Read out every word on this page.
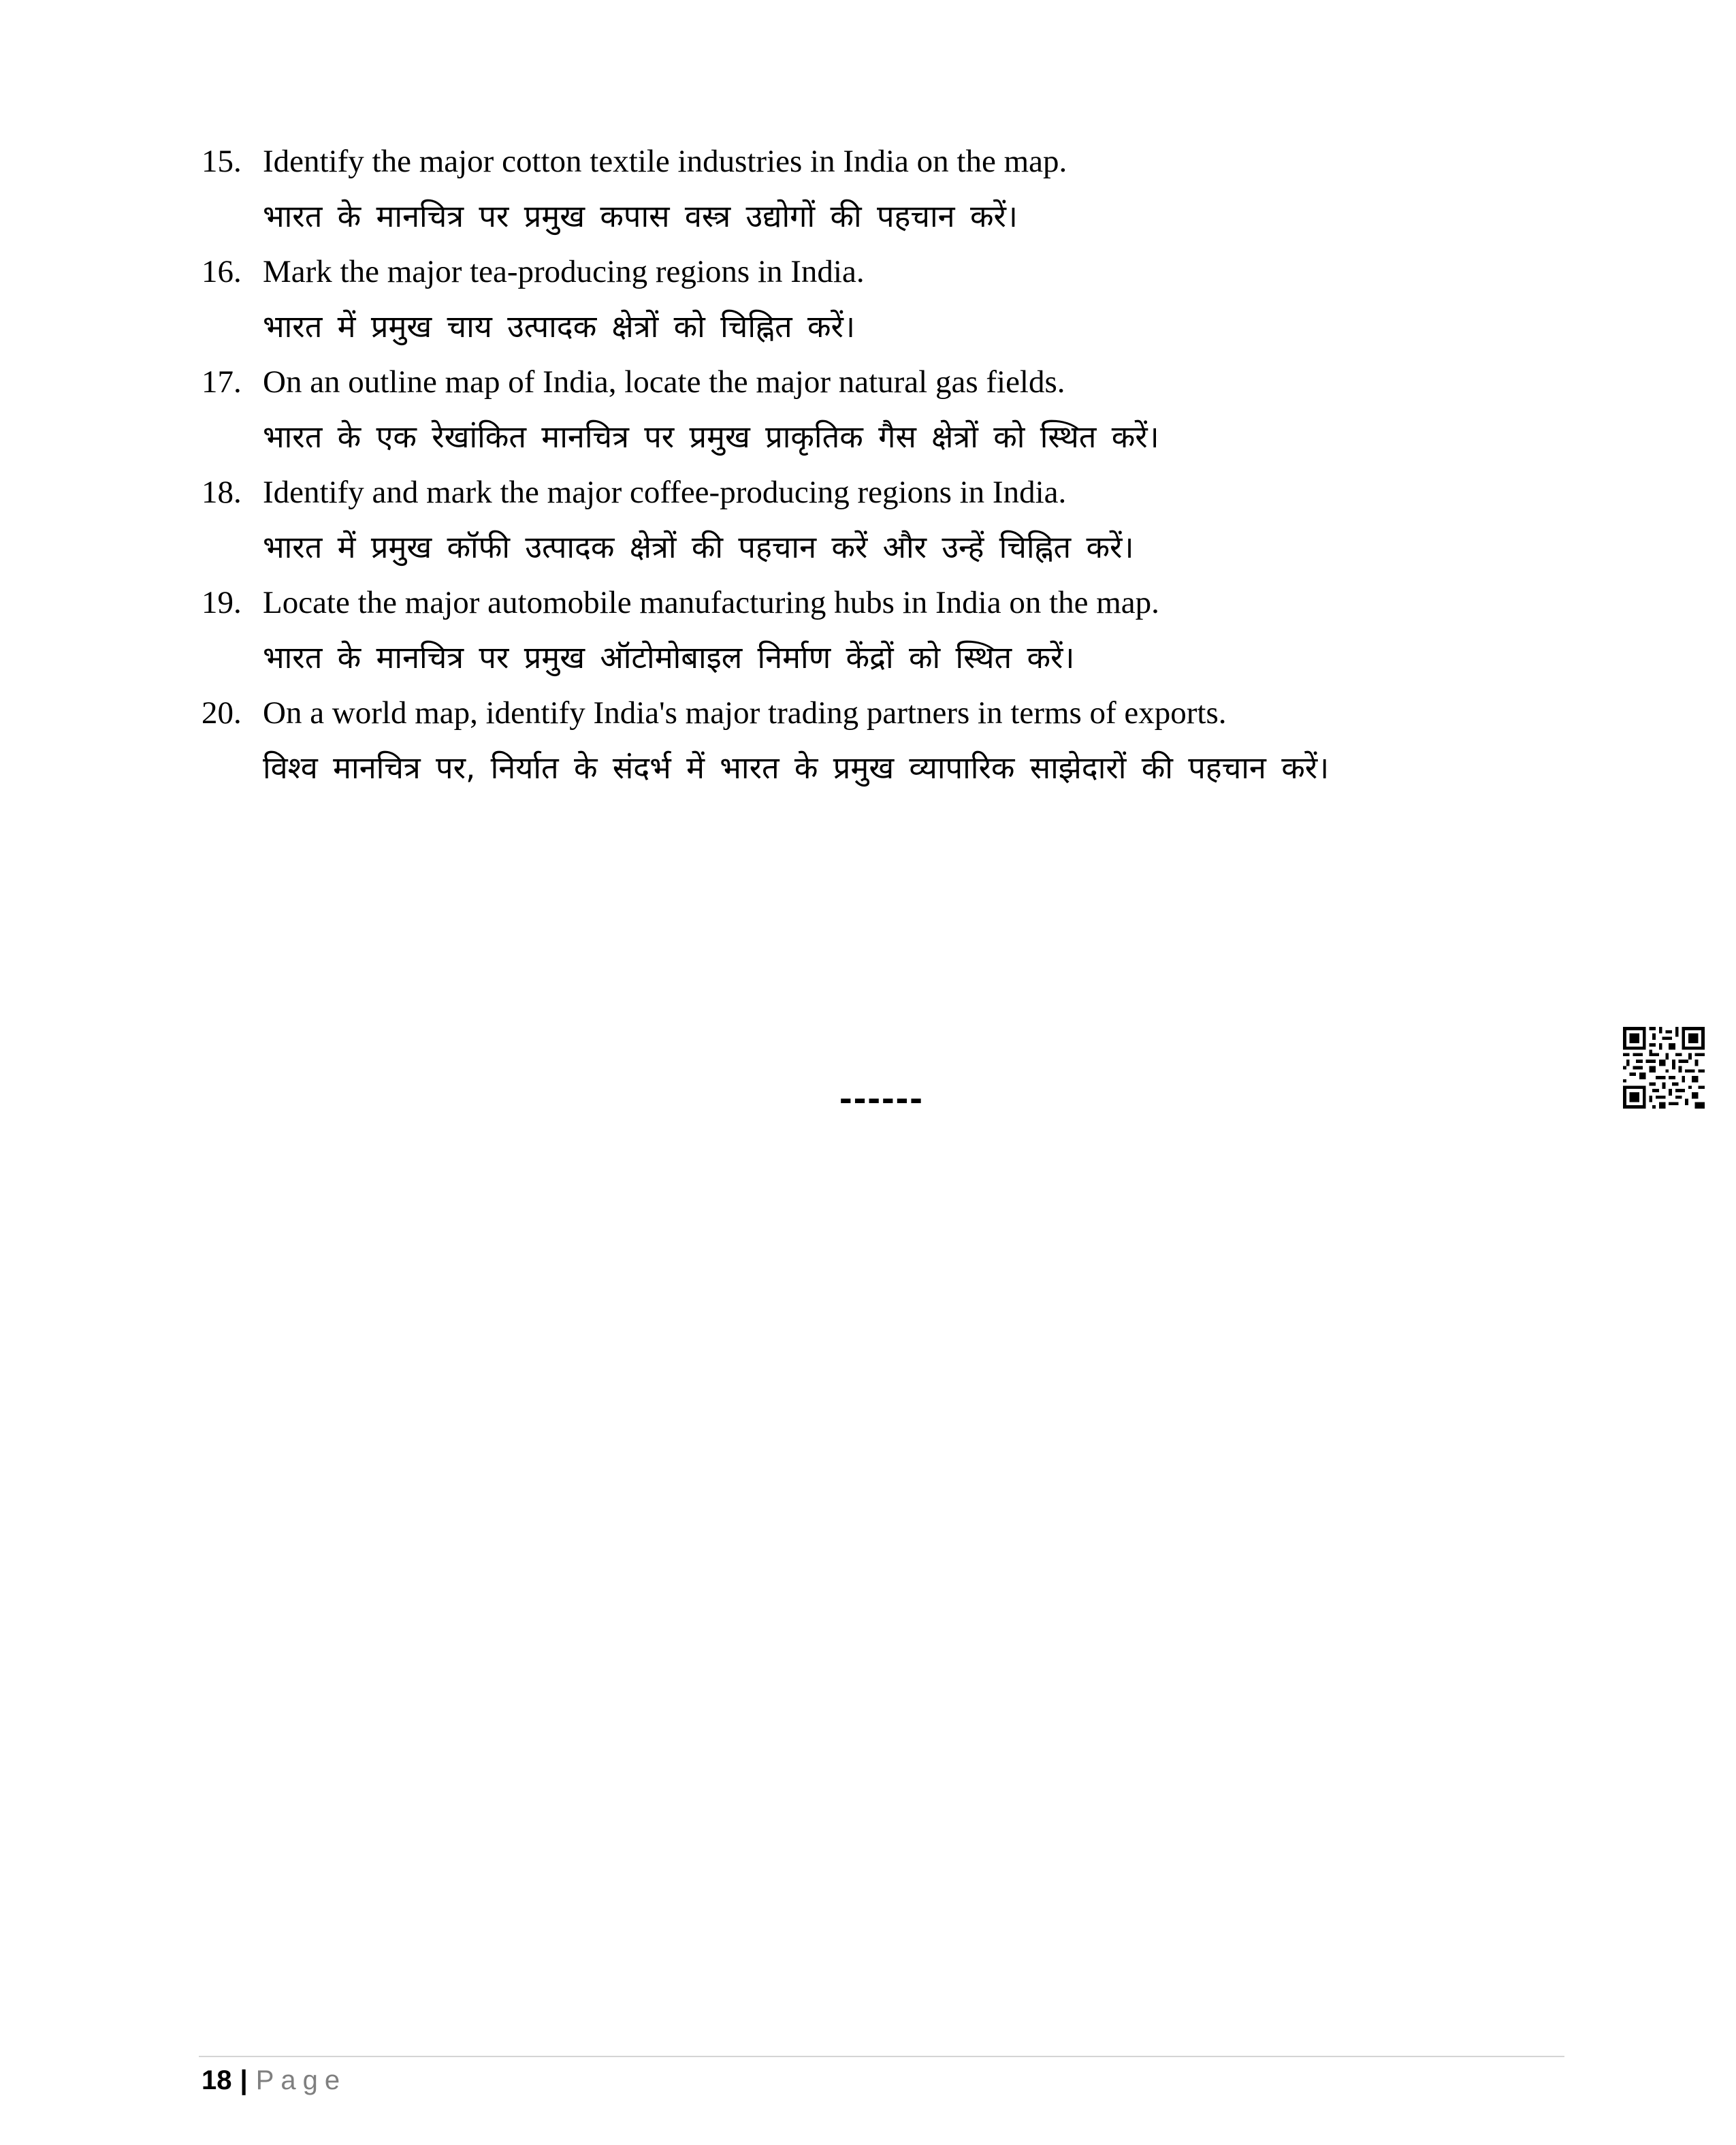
15. Identify the major cotton textile industries in India on the map.
भारत के मानचित्र पर प्रमुख कपास वस्त्र उद्योगों की पहचान करें।
16. Mark the major tea-producing regions in India.
भारत में प्रमुख चाय उत्पादक क्षेत्रों को चिह्नित करें।
17. On an outline map of India, locate the major natural gas fields.
भारत के एक रेखांकित मानचित्र पर प्रमुख प्राकृतिक गैस क्षेत्रों को स्थित करें।
18. Identify and mark the major coffee-producing regions in India.
भारत में प्रमुख कॉफी उत्पादक क्षेत्रों की पहचान करें और उन्हें चिह्नित करें।
19. Locate the major automobile manufacturing hubs in India on the map.
भारत के मानचित्र पर प्रमुख ऑटोमोबाइल निर्माण केंद्रों को स्थित करें।
20. On a world map, identify India's major trading partners in terms of exports.
विश्व मानचित्र पर, निर्यात के संदर्भ में भारत के प्रमुख व्यापारिक साझेदारों की पहचान करें।
------
18 | Page
